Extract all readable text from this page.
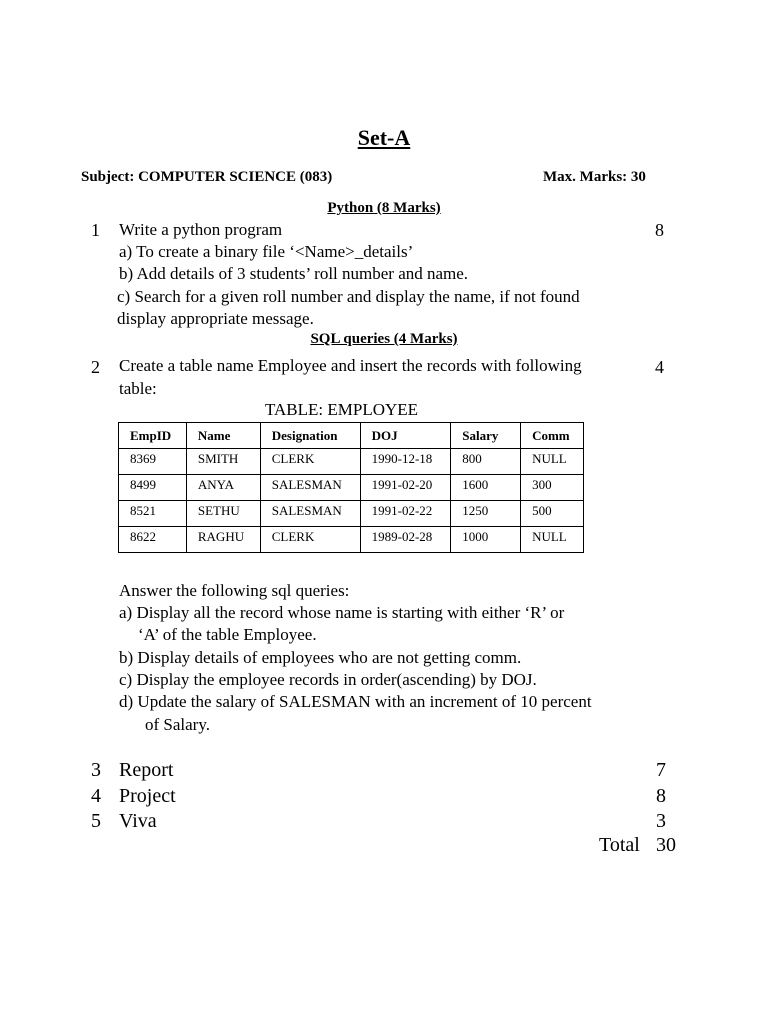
Set-A
Subject: COMPUTER SCIENCE (083)	Max. Marks: 30
Python (8 Marks)
1	8
Write a python program
a) To create a binary file ‘<Name>_details’
b) Add details of 3 students’ roll number and name.
c) Search for a given roll number and display the name, if not found
display appropriate message.
SQL queries (4 Marks)
2	4
Create a table name Employee and insert the records with following
table:
TABLE: EMPLOYEE
EmpID	Name	Designation	DOJ	Salary	Comm
8369	SMITH	CLERK	1990-12-18	800	NULL
8499	ANYA	SALESMAN	1991-02-20	1600	300
8521	SETHU	SALESMAN	1991-02-22	1250	500
8622	RAGHU	CLERK	1989-02-28	1000	NULL
Answer the following sql queries:
a) Display all the record whose name is starting with either ‘R’ or
‘A’ of the table Employee.
b) Display details of employees who are not getting comm.
c) Display the employee records in order(ascending) by DOJ.
d) Update the salary of SALESMAN with an increment of 10 percent
of Salary.
3 Report	7
4 Project	8
5 Viva	3
Total 30
